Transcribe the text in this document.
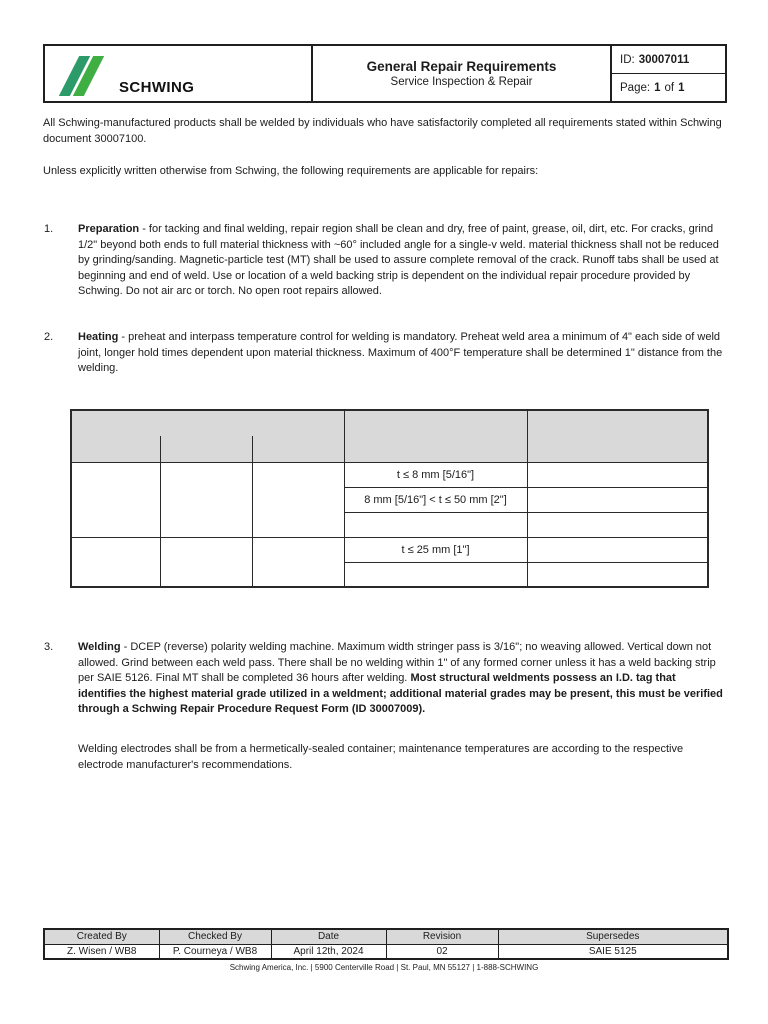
SCHWING
General Repair Requirements
Service Inspection & Repair
ID: 30007011
Page: 1 of 1
All Schwing-manufactured products shall be welded by individuals who have satisfactorily completed all requirements stated within Schwing document 30007100.
Unless explicitly written otherwise from Schwing, the following requirements are applicable for repairs:
1.	Preparation - for tacking and final welding, repair region shall be clean and dry, free of paint, grease, oil, dirt, etc. For cracks, grind 1/2" beyond both ends to full material thickness with ~60° included angle for a single-v weld. material thickness shall not be reduced by grinding/sanding. Magnetic-particle test (MT) shall be used to assure complete removal of the crack. Runoff tabs shall be used at beginning and end of weld. Use or location of a weld backing strip is dependent on the individual repair procedure provided by Schwing. Do not air arc or torch. No open root repairs allowed.
2.	Heating - preheat and interpass temperature control for welding is mandatory. Preheat weld area a minimum of 4" each side of weld joint, longer hold times dependent upon material thickness. Maximum of 400°F temperature shall be determined 1" distance from the welding.

			t ≤ 8 mm [5/16"]	
			8 mm [5/16"] < t ≤ 50 mm [2"]	

			t ≤ 25 mm [1"]	

3.	Welding - DCEP (reverse) polarity welding machine. Maximum width stringer pass is 3/16"; no weaving allowed. Vertical down not allowed. Grind between each weld pass. There shall be no welding within 1" of any formed corner unless it has a weld backing strip per SAIE 5126. Final MT shall be completed 36 hours after welding. Most structural weldments possess an I.D. tag that identifies the highest material grade utilized in a weldment; additional material grades may be present, this must be verified through a Schwing Repair Procedure Request Form (ID 30007009).
Welding electrodes shall be from a hermetically-sealed container; maintenance temperatures are according to the respective electrode manufacturer's recommendations.
Created By	Checked By	Date	Revision	Supersedes
Z. Wisen / WB8	P. Courneya / WB8	April 12th, 2024	02	SAIE 5125
Schwing America, Inc. | 5900 Centerville Road | St. Paul, MN 55127 | 1-888-SCHWING
